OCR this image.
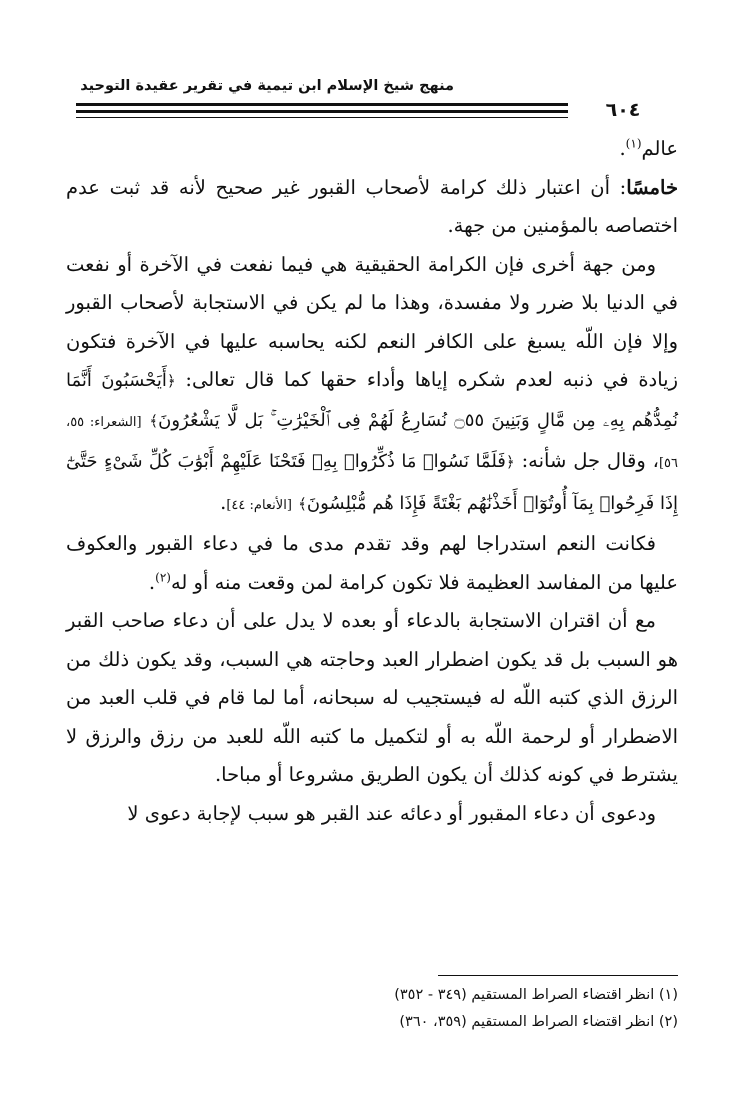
منهج شيخ الإسلام ابن تيمية في تقرير عقيدة التوحيد
٦٠٤

عالم$^{(١)}$.

خامسًا: أن اعتبار ذلك كرامة لأصحاب القبور غير صحيح لأنه قد ثبت عدم اختصاصه بالمؤمنين من جهة.

ومن جهة أخرى فإن الكرامة الحقيقية هي فيما نفعت في الآخرة أو نفعت في الدنيا بلا ضرر ولا مفسدة، وهذا ما لم يكن في الاستجابة لأصحاب القبور وإلا فإن اللّه يسبغ على الكافر النعم لكنه يحاسبه عليها في الآخرة فتكون زيادة في ذنبه لعدم شكره إياها وأداء حقها كما قال تعالى: ﴿أَيَحْسَبُونَ أَنَّمَا نُمِدُّهُم بِهِۦ مِن مَّالٍ وَبَنِينَ ۝٥٥ نُسَارِعُ لَهُمْ فِى ٱلْخَيْرَٰتِ ۚ بَل لَّا يَشْعُرُونَ﴾ [الشعراء: ٥٥، ٥٦]، وقال جل شأنه: ﴿فَلَمَّا نَسُوا۟ مَا ذُكِّرُوا۟ بِهِۦ فَتَحْنَا عَلَيْهِمْ أَبْوَٰبَ كُلِّ شَىْءٍ حَتَّىٰٓ إِذَا فَرِحُوا۟ بِمَآ أُوتُوٓا۟ أَخَذْنَٰهُم بَغْتَةً فَإِذَا هُم مُّبْلِسُونَ﴾ [الأنعام: ٤٤].

فكانت النعم استدراجا لهم وقد تقدم مدى ما في دعاء القبور والعكوف عليها من المفاسد العظيمة فلا تكون كرامة لمن وقعت منه أو له$^{(٢)}$.

مع أن اقتران الاستجابة بالدعاء أو بعده لا يدل على أن دعاء صاحب القبر هو السبب بل قد يكون اضطرار العبد وحاجته هي السبب، وقد يكون ذلك من الرزق الذي كتبه اللّه له فيستجيب له سبحانه، أما لما قام في قلب العبد من الاضطرار أو لرحمة اللّه به أو لتكميل ما كتبه اللّه للعبد من رزق والرزق لا يشترط في كونه كذلك أن يكون الطريق مشروعا أو مباحا.

ودعوى أن دعاء المقبور أو دعائه عند القبر هو سبب لإجابة دعوى لا

(١) انظر اقتضاء الصراط المستقيم (٣٤٩ - ٣٥٢)

(٢) انظر اقتضاء الصراط المستقيم (٣٥٩، ٣٦٠)
